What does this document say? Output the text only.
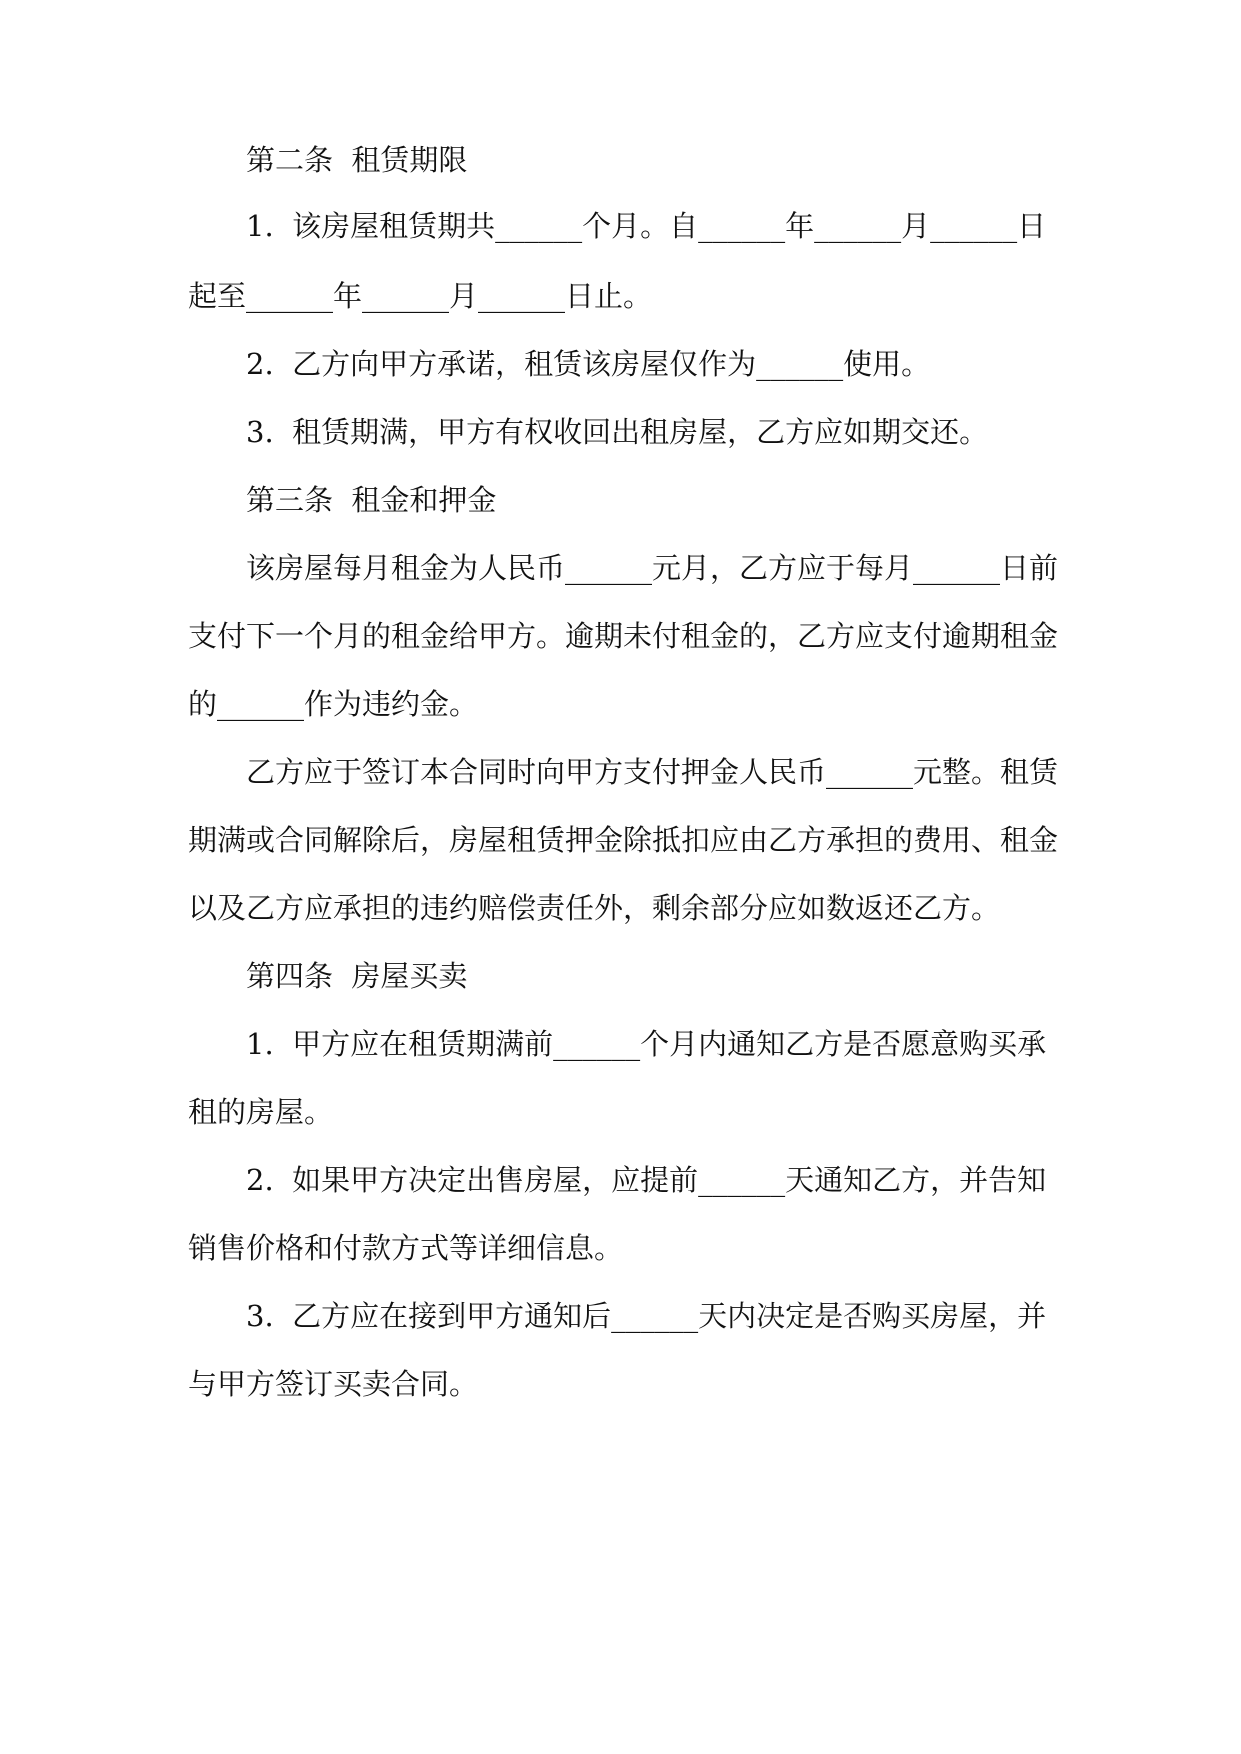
第二条  租赁期限
1.  该房屋租赁期共______个月。自______年______月______日
起至______年______月______日止。
2.  乙方向甲方承诺，租赁该房屋仅作为______使用。
3.  租赁期满，甲方有权收回出租房屋，乙方应如期交还。
第三条  租金和押金
该房屋每月租金为人民币______元月，乙方应于每月______日前
支付下一个月的租金给甲方。逾期未付租金的，乙方应支付逾期租金
的______作为违约金。
乙方应于签订本合同时向甲方支付押金人民币______元整。租赁
期满或合同解除后，房屋租赁押金除抵扣应由乙方承担的费用、租金
以及乙方应承担的违约赔偿责任外，剩余部分应如数返还乙方。
第四条  房屋买卖
1.  甲方应在租赁期满前______个月内通知乙方是否愿意购买承
租的房屋。
2.  如果甲方决定出售房屋，应提前______天通知乙方，并告知
销售价格和付款方式等详细信息。
3.  乙方应在接到甲方通知后______天内决定是否购买房屋，并
与甲方签订买卖合同。
